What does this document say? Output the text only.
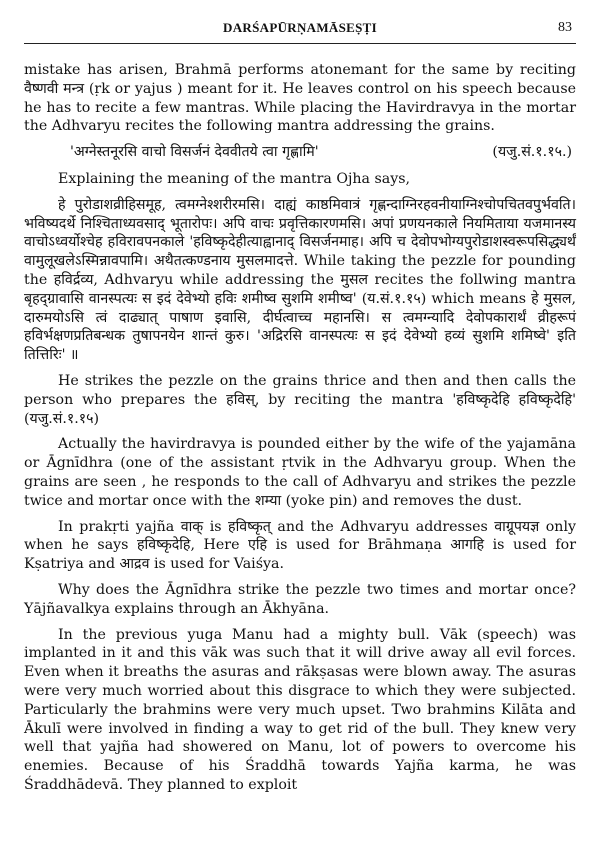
DARŚAPŪRṆAMĀSEṢṬI	83

mistake has arisen, Brahmā performs atonemant for the same by reciting वैष्णवी मन्त्र (ṛk or yajus ) meant for it. He leaves control on his speech because he has to recite a few mantras. While placing the Havirdravya in the mortar the Adhvaryu recites the following mantra addressing the grains.

'अग्नेस्तनूरसि वाचो विसर्जनं देववीतये त्वा गृह्णामि'	(यजु.सं.१.१५.)

Explaining the meaning of the mantra Ojha says,

हे पुरोडाशव्रीहिसमूह, त्वमग्नेश्शरीरमसि। दाह्यं काष्ठमिवात्रं गृह्णन्दाग्निरहवनीयाग्निश्चोपचितवपुर्भवति। भविष्यदर्थे निश्चिताध्यवसाद् भूतारोपः। अपि वाचः प्रवृत्तिकारणमसि। अपां प्रणयनकाले नियमिताया यजमानस्य वाचोऽध्वर्योश्चेह हविरावपनकाले 'हविष्कृदेहीत्याह्वानाद् विसर्जनमाह। अपि च देवोपभोग्यपुरोडाशस्वरूपसिद्ध्यर्थं वामुलूखलेऽस्मिन्नावपामि। अथैतत्कण्डनाय मुसलमादत्ते. While taking the pezzle for pounding the हविर्द्रव्य, Adhvaryu while addressing the मुसल recites the follwing mantra बृहद्ग्रावासि वानस्पत्यः स इदं देवेभ्यो हविः शमीष्व सुशमि शमीष्व' (य.सं.१.१५) which means हे मुसल, दारुमयोऽसि त्वं दाढ्यात् पाषाण इवासि, दीर्घत्वाच्च महानसि। स त्वमग्न्यादि देवोपकारार्थं व्रीहरूपं हविर्भक्षणप्रतिबन्धक तुषापनयेन शान्तं कुरु। 'अद्रिरसि वानस्पत्यः स इदं देवेभ्यो हव्यं सुशमि शमिष्वे' इति तित्तिरिः' ॥

He strikes the pezzle on the grains thrice and then and then calls the person who prepares the हविस्, by reciting the mantra 'हविष्कृदेहि हविष्कृदेहि' (यजु.सं.१.१५)

Actually the havirdravya is pounded either by the wife of the yajamāna or Āgnīdhra (one of the assistant ṛtvik in the Adhvaryu group. When the grains are seen , he responds to the call of Adhvaryu and strikes the pezzle twice and mortar once with the शम्या (yoke pin) and removes the dust.

In prakṛti yajña वाक् is हविष्कृत् and the Adhvaryu addresses वाग्रूपयज्ञ only when he says हविष्कृदेहि, Here एहि is used for Brāhmaṇa आगहि is used for Kṣatriya and आद्रव is used for Vaiśya.

Why does the Āgnīdhra strike the pezzle two times and mortar once? Yājñavalkya explains through an Ākhyāna.

In the previous yuga Manu had a mighty bull. Vāk (speech) was implanted in it and this vāk was such that it will drive away all evil forces. Even when it breaths the asuras and rākṣasas were blown away. The asuras were very much worried about this disgrace to which they were subjected. Particularly the brahmins were very much upset. Two brahmins Kilāta and Ākulī were involved in finding a way to get rid of the bull. They knew very well that yajña had showered on Manu, lot of powers to overcome his enemies. Because of his Śraddhā towards Yajña karma, he was Śraddhādevā. They planned to exploit
